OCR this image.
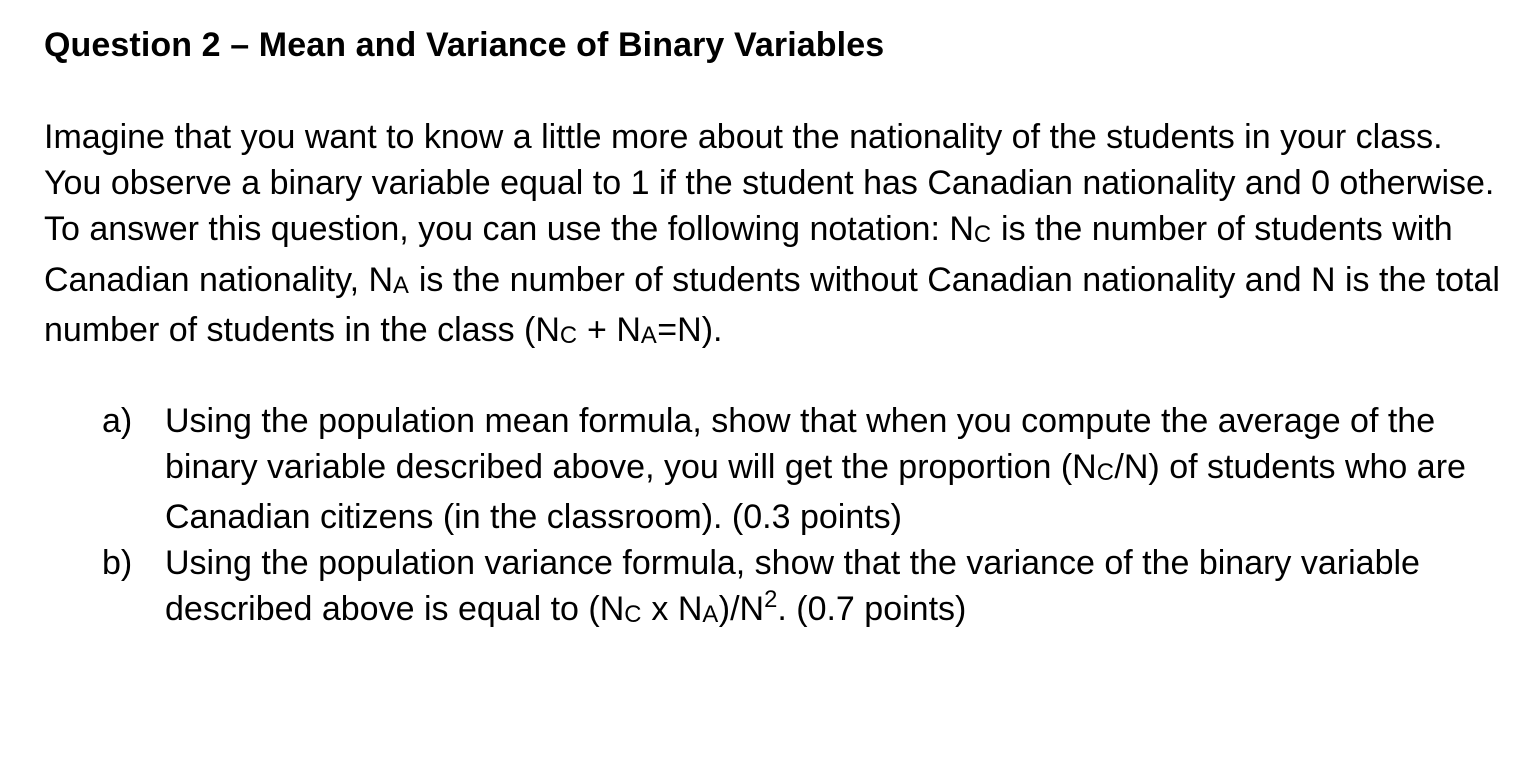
Question 2 – Mean and Variance of Binary Variables

Imagine that you want to know a little more about the nationality of the students in your class. You observe a binary variable equal to 1 if the student has Canadian nationality and 0 otherwise. To answer this question, you can use the following notation: NC is the number of students with Canadian nationality, NA is the number of students without Canadian nationality and N is the total number of students in the class (NC + NA=N).

a) Using the population mean formula, show that when you compute the average of the binary variable described above, you will get the proportion (NC/N) of students who are Canadian citizens (in the classroom). (0.3 points)
b) Using the population variance formula, show that the variance of the binary variable described above is equal to (NC x $NA)/N^2$. (0.7 points)
